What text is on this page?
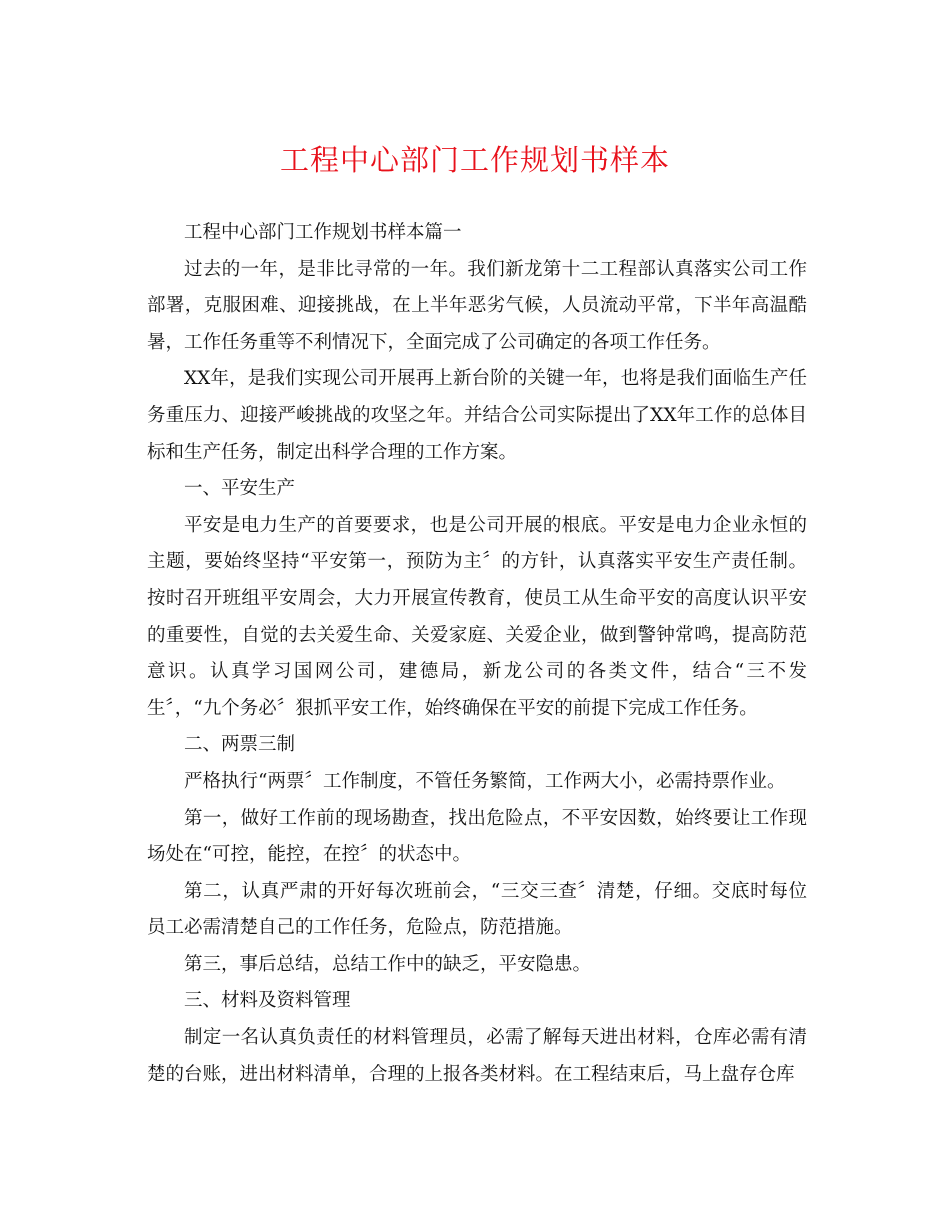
工程中心部门工作规划书样本
工程中心部门工作规划书样本篇一
过去的一年，是非比寻常的一年。我们新龙第十二工程部认真落实公司工作
部署，克服困难、迎接挑战，在上半年恶劣气候，人员流动平常，下半年高温酷
暑，工作任务重等不利情况下，全面完成了公司确定的各项工作任务。
XX年，是我们实现公司开展再上新台阶的关键一年，也将是我们面临生产任
务重压力、迎接严峻挑战的攻坚之年。并结合公司实际提出了XX年工作的总体目
标和生产任务，制定出科学合理的工作方案。
一、平安生产
平安是电力生产的首要要求，也是公司开展的根底。平安是电力企业永恒的
主题，要始终坚持“平安第一，预防为主〞的方针，认真落实平安生产责任制。
按时召开班组平安周会，大力开展宣传教育，使员工从生命平安的高度认识平安
的重要性，自觉的去关爱生命、关爱家庭、关爱企业，做到警钟常鸣，提高防范
意识。认真学习国网公司，建德局，新龙公司的各类文件，结合“三不发
生〞，“九个务必〞狠抓平安工作，始终确保在平安的前提下完成工作任务。
二、两票三制
严格执行“两票〞工作制度，不管任务繁简，工作两大小，必需持票作业。
第一，做好工作前的现场勘查，找出危险点，不平安因数，始终要让工作现
场处在“可控，能控，在控〞的状态中。
第二，认真严肃的开好每次班前会，“三交三查〞清楚，仔细。交底时每位
员工必需清楚自己的工作任务，危险点，防范措施。
第三，事后总结，总结工作中的缺乏，平安隐患。
三、材料及资料管理
制定一名认真负责任的材料管理员，必需了解每天进出材料，仓库必需有清
楚的台账，进出材料清单，合理的上报各类材料。在工程结束后，马上盘存仓库
